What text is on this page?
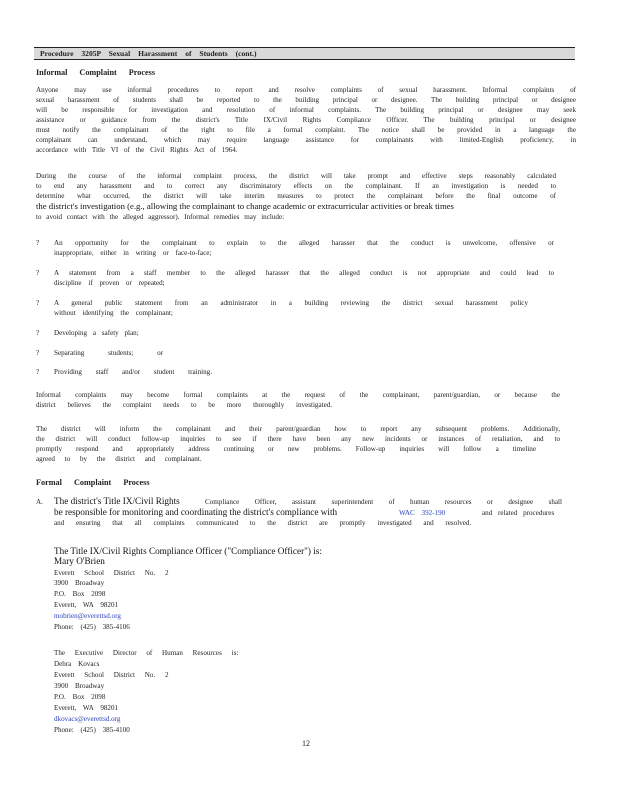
Procedure 3205P Sexual Harassment of Students (cont.)
Informal Complaint Process
Anyone may use informal procedures to report and resolve complaints of sexual harassment. Informal complaints of
sexual harassment of students shall be reported to the building principal or designee. The building principal or designee
will be responsible for investigation and resolution of informal complaints. The building principal or designee may seek
assistance or guidance from the district's Title IX/Civil Rights Compliance Officer. The building principal or designee
must notify the complainant of the right to file a formal complaint. The notice shall be provided in a language the
complainant can understand, which may require language assistance for complainants with limited-English proficiency, in
accordance with Title VI of the Civil Rights Act of 1964.
During the course of the informal complaint process, the district will take prompt and effective steps reasonably calculated
to end any harassment and to correct any discriminatory effects on the complainant. If an investigation is needed to
determine what occurred, the district will take interim measures to protect the complainant before the final outcome of
the district's investigation (e.g., allowing the complainant to change academic or extracurricular activities or break times
to avoid contact with the alleged aggressor). Informal remedies may include:
? An opportunity for the complainant to explain to the alleged harasser that the conduct is unwelcome, offensive or
inappropriate, either in writing or face-to-face;
? A statement from a staff member to the alleged harasser that the alleged conduct is not appropriate and could lead to
discipline if proven or repeated;
? A general public statement from an administrator in a building reviewing the district sexual harassment policy
without identifying the complainant;
? Developing a safety plan;
? Separating students; or
? Providing staff and/or student training.
Informal complaints may become formal complaints at the request of the complainant, parent/guardian, or because the
district believes the complaint needs to be more thoroughly investigated.
The district will inform the complainant and their parent/guardian how to report any subsequent problems. Additionally,
the district will conduct follow-up inquiries to see if there have been any new incidents or instances of retaliation, and to
promptly respond and appropriately address continuing or new problems. Follow-up inquiries will follow a timeline
agreed to by the district and complainant.
Formal Complaint Process
A. The district's Title IX/Civil Rights	Compliance Officer, assistant superintendent of human resources or designee shall
be responsible for monitoring and coordinating the district's compliance with	WAC 392-190	and related procedures
and ensuring that all complaints communicated to the district are promptly investigated and resolved.
The Title IX/Civil Rights Compliance Officer ("Compliance Officer") is:
Mary O'Brien
Everett School District No. 2
3900 Broadway
P.O. Box 2098
Everett, WA 98201
mobrien@everettsd.org
Phone: (425) 385-4106
The Executive Director of Human Resources is:
Debra Kovacs
Everett School District No. 2
3900 Broadway
P.O. Box 2098
Everett, WA 98201
dkovacs@everettsd.org
Phone: (425) 385-4100
12
